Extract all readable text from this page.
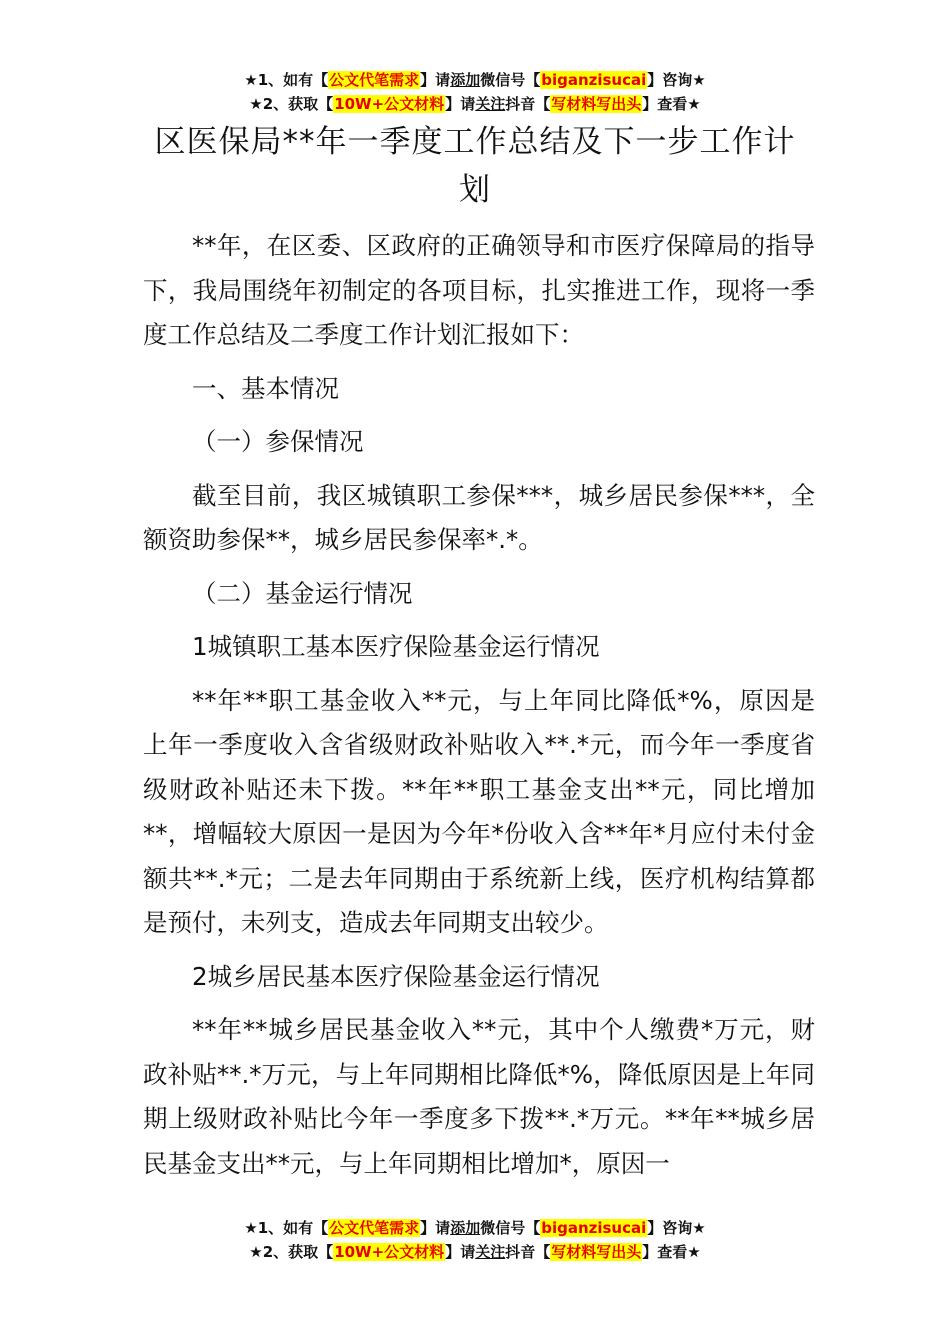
★1、如有【公文代笔需求】请添加微信号【biganzisucai】咨询★
★2、获取【10W+公文材料】请关注抖音【写材料写出头】查看★
区医保局**年一季度工作总结及下一步工作计划

**年，在区委、区政府的正确领导和市医疗保障局的指导下，我局围绕年初制定的各项目标，扎实推进工作，现将一季度工作总结及二季度工作计划汇报如下：

一、基本情况

（一）参保情况

截至目前，我区城镇职工参保***，城乡居民参保***，全额资助参保**，城乡居民参保率*.*。

（二）基金运行情况

1城镇职工基本医疗保险基金运行情况

**年**职工基金收入**元，与上年同比降低*%，原因是上年一季度收入含省级财政补贴收入**.*元，而今年一季度省级财政补贴还未下拨。**年**职工基金支出**元，同比增加**，增幅较大原因一是因为今年*份收入含**年*月应付未付金额共**.*元；二是去年同期由于系统新上线，医疗机构结算都是预付，未列支，造成去年同期支出较少。

2城乡居民基本医疗保险基金运行情况

**年**城乡居民基金收入**元，其中个人缴费*万元，财政补贴**.*万元，与上年同期相比降低*%，降低原因是上年同期上级财政补贴比今年一季度多下拨**.*万元。**年**城乡居民基金支出**元，与上年同期相比增加*，原因一

★1、如有【公文代笔需求】请添加微信号【biganzisucai】咨询★
★2、获取【10W+公文材料】请关注抖音【写材料写出头】查看★
